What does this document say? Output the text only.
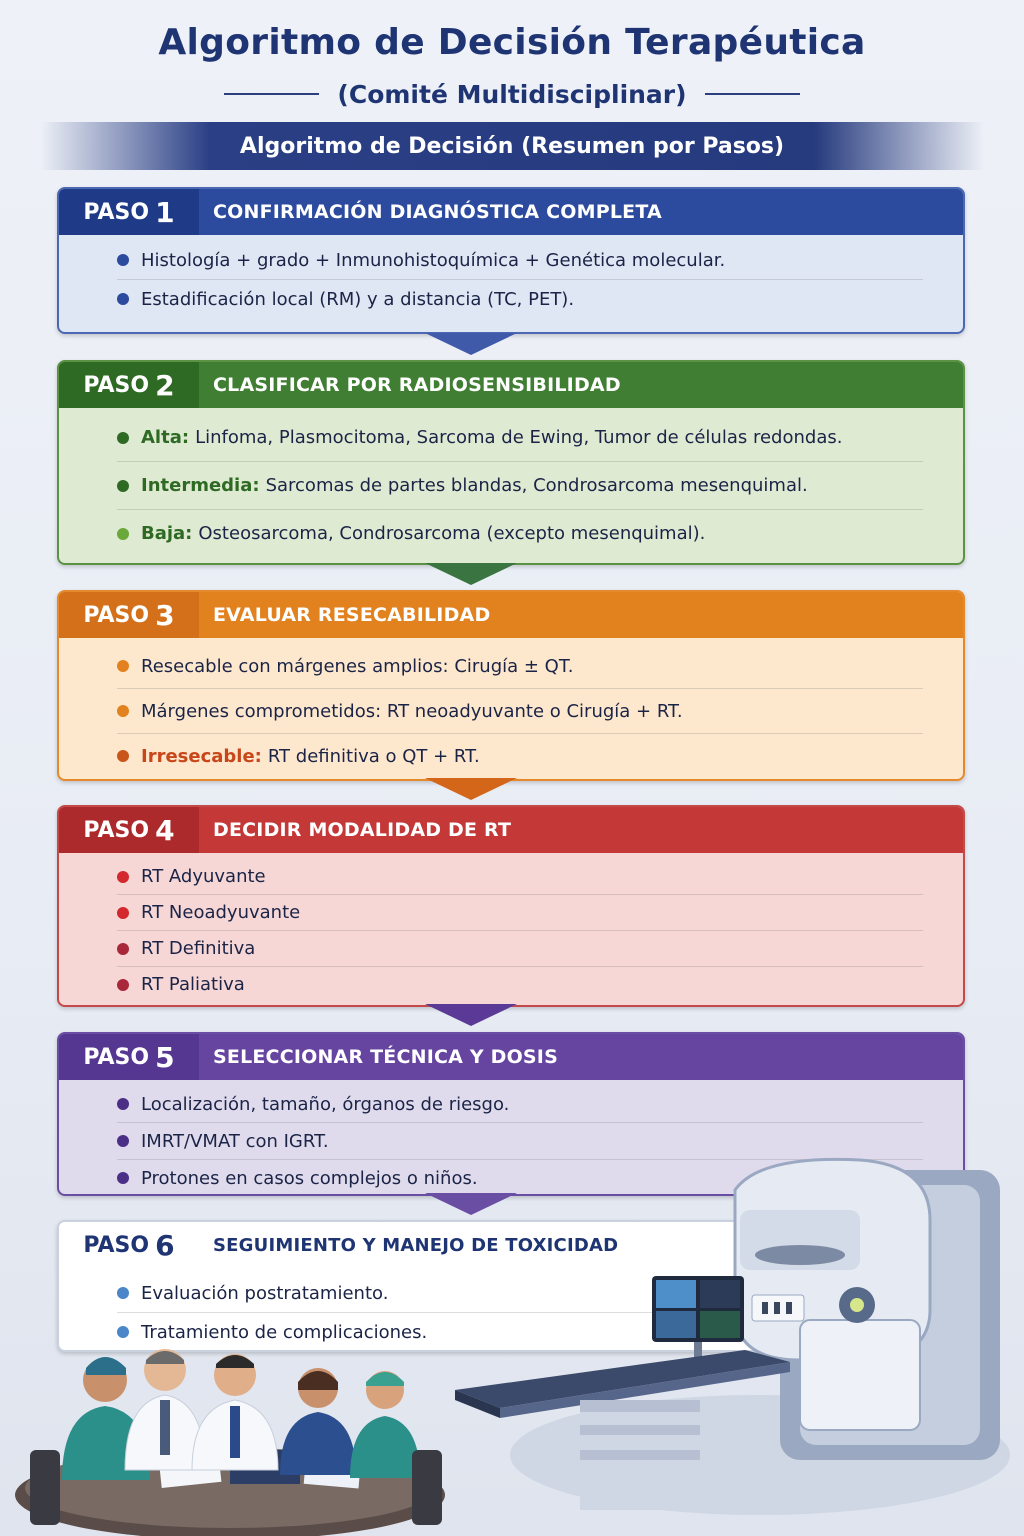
Algoritmo de Decisión Terapéutica
(Comité Multidisciplinar)
Algoritmo de Decisión (Resumen por Pasos)
PASO 1	CONFIRMACIÓN DIAGNÓSTICA COMPLETA
Histología + grado + Inmunohistoquímica + Genética molecular.
Estadificación local (RM) y a distancia (TC, PET).
PASO 2	CLASIFICAR POR RADIOSENSIBILIDAD
Alta: Linfoma, Plasmocitoma, Sarcoma de Ewing, Tumor de células redondas.
Intermedia: Sarcomas de partes blandas, Condrosarcoma mesenquimal.
Baja: Osteosarcoma, Condrosarcoma (excepto mesenquimal).
PASO 3	EVALUAR RESECABILIDAD
Resecable con márgenes amplios: Cirugía ± QT.
Márgenes comprometidos: RT neoadyuvante o Cirugía + RT.
Irresecable: RT definitiva o QT + RT.
PASO 4	DECIDIR MODALIDAD DE RT
RT Adyuvante
RT Neoadyuvante
RT Definitiva
RT Paliativa
PASO 5	SELECCIONAR TÉCNICA Y DOSIS
Localización, tamaño, órganos de riesgo.
IMRT/VMAT con IGRT.
Protones en casos complejos o niños.
PASO 6	SEGUIMIENTO Y MANEJO DE TOXICIDAD
Evaluación postratamiento.
Tratamiento de complicaciones.
